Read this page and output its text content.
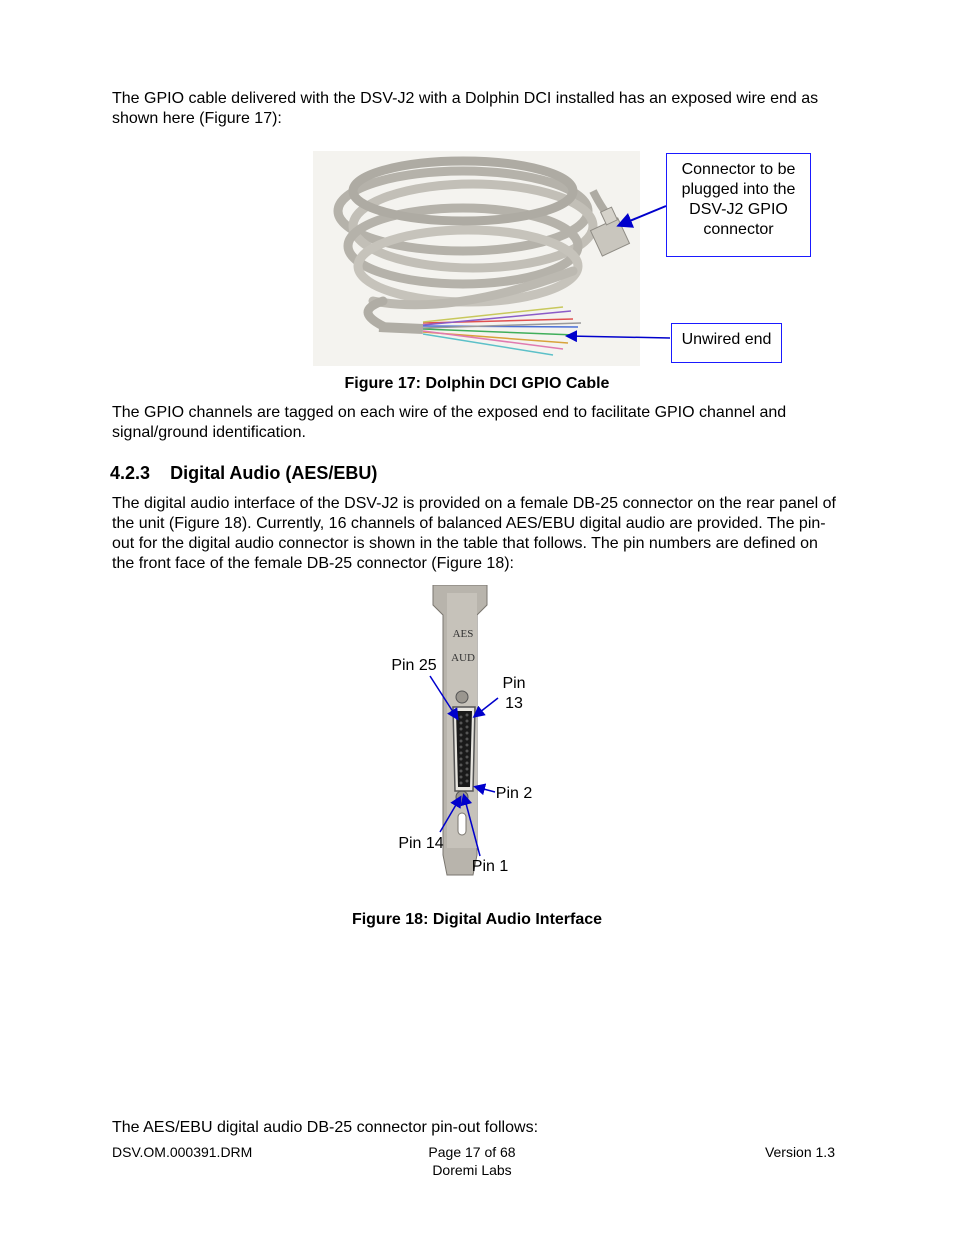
The GPIO cable delivered with the DSV-J2 with a Dolphin DCI installed has an exposed wire end as shown here (Figure 17):

Connector to be plugged into the DSV-J2 GPIO connector
Unwired end
Figure 17: Dolphin DCI GPIO Cable

The GPIO channels are tagged on each wire of the exposed end to facilitate GPIO channel and signal/ground identification.

4.2.3 Digital Audio (AES/EBU)

The digital audio interface of the DSV-J2 is provided on a female DB-25 connector on the rear panel of the unit (Figure 18). Currently, 16 channels of balanced AES/EBU digital audio are provided. The pin-out for the digital audio connector is shown in the table that follows. The pin numbers are defined on the front face of the female DB-25 connector (Figure 18):

AES
AUD
Pin 25
Pin 13
Pin 2
Pin 14
Pin 1
Figure 18: Digital Audio Interface

The AES/EBU digital audio DB-25 connector pin-out follows:

DSV.OM.000391.DRM	Page 17 of 68
Doremi Labs
Version 1.3
